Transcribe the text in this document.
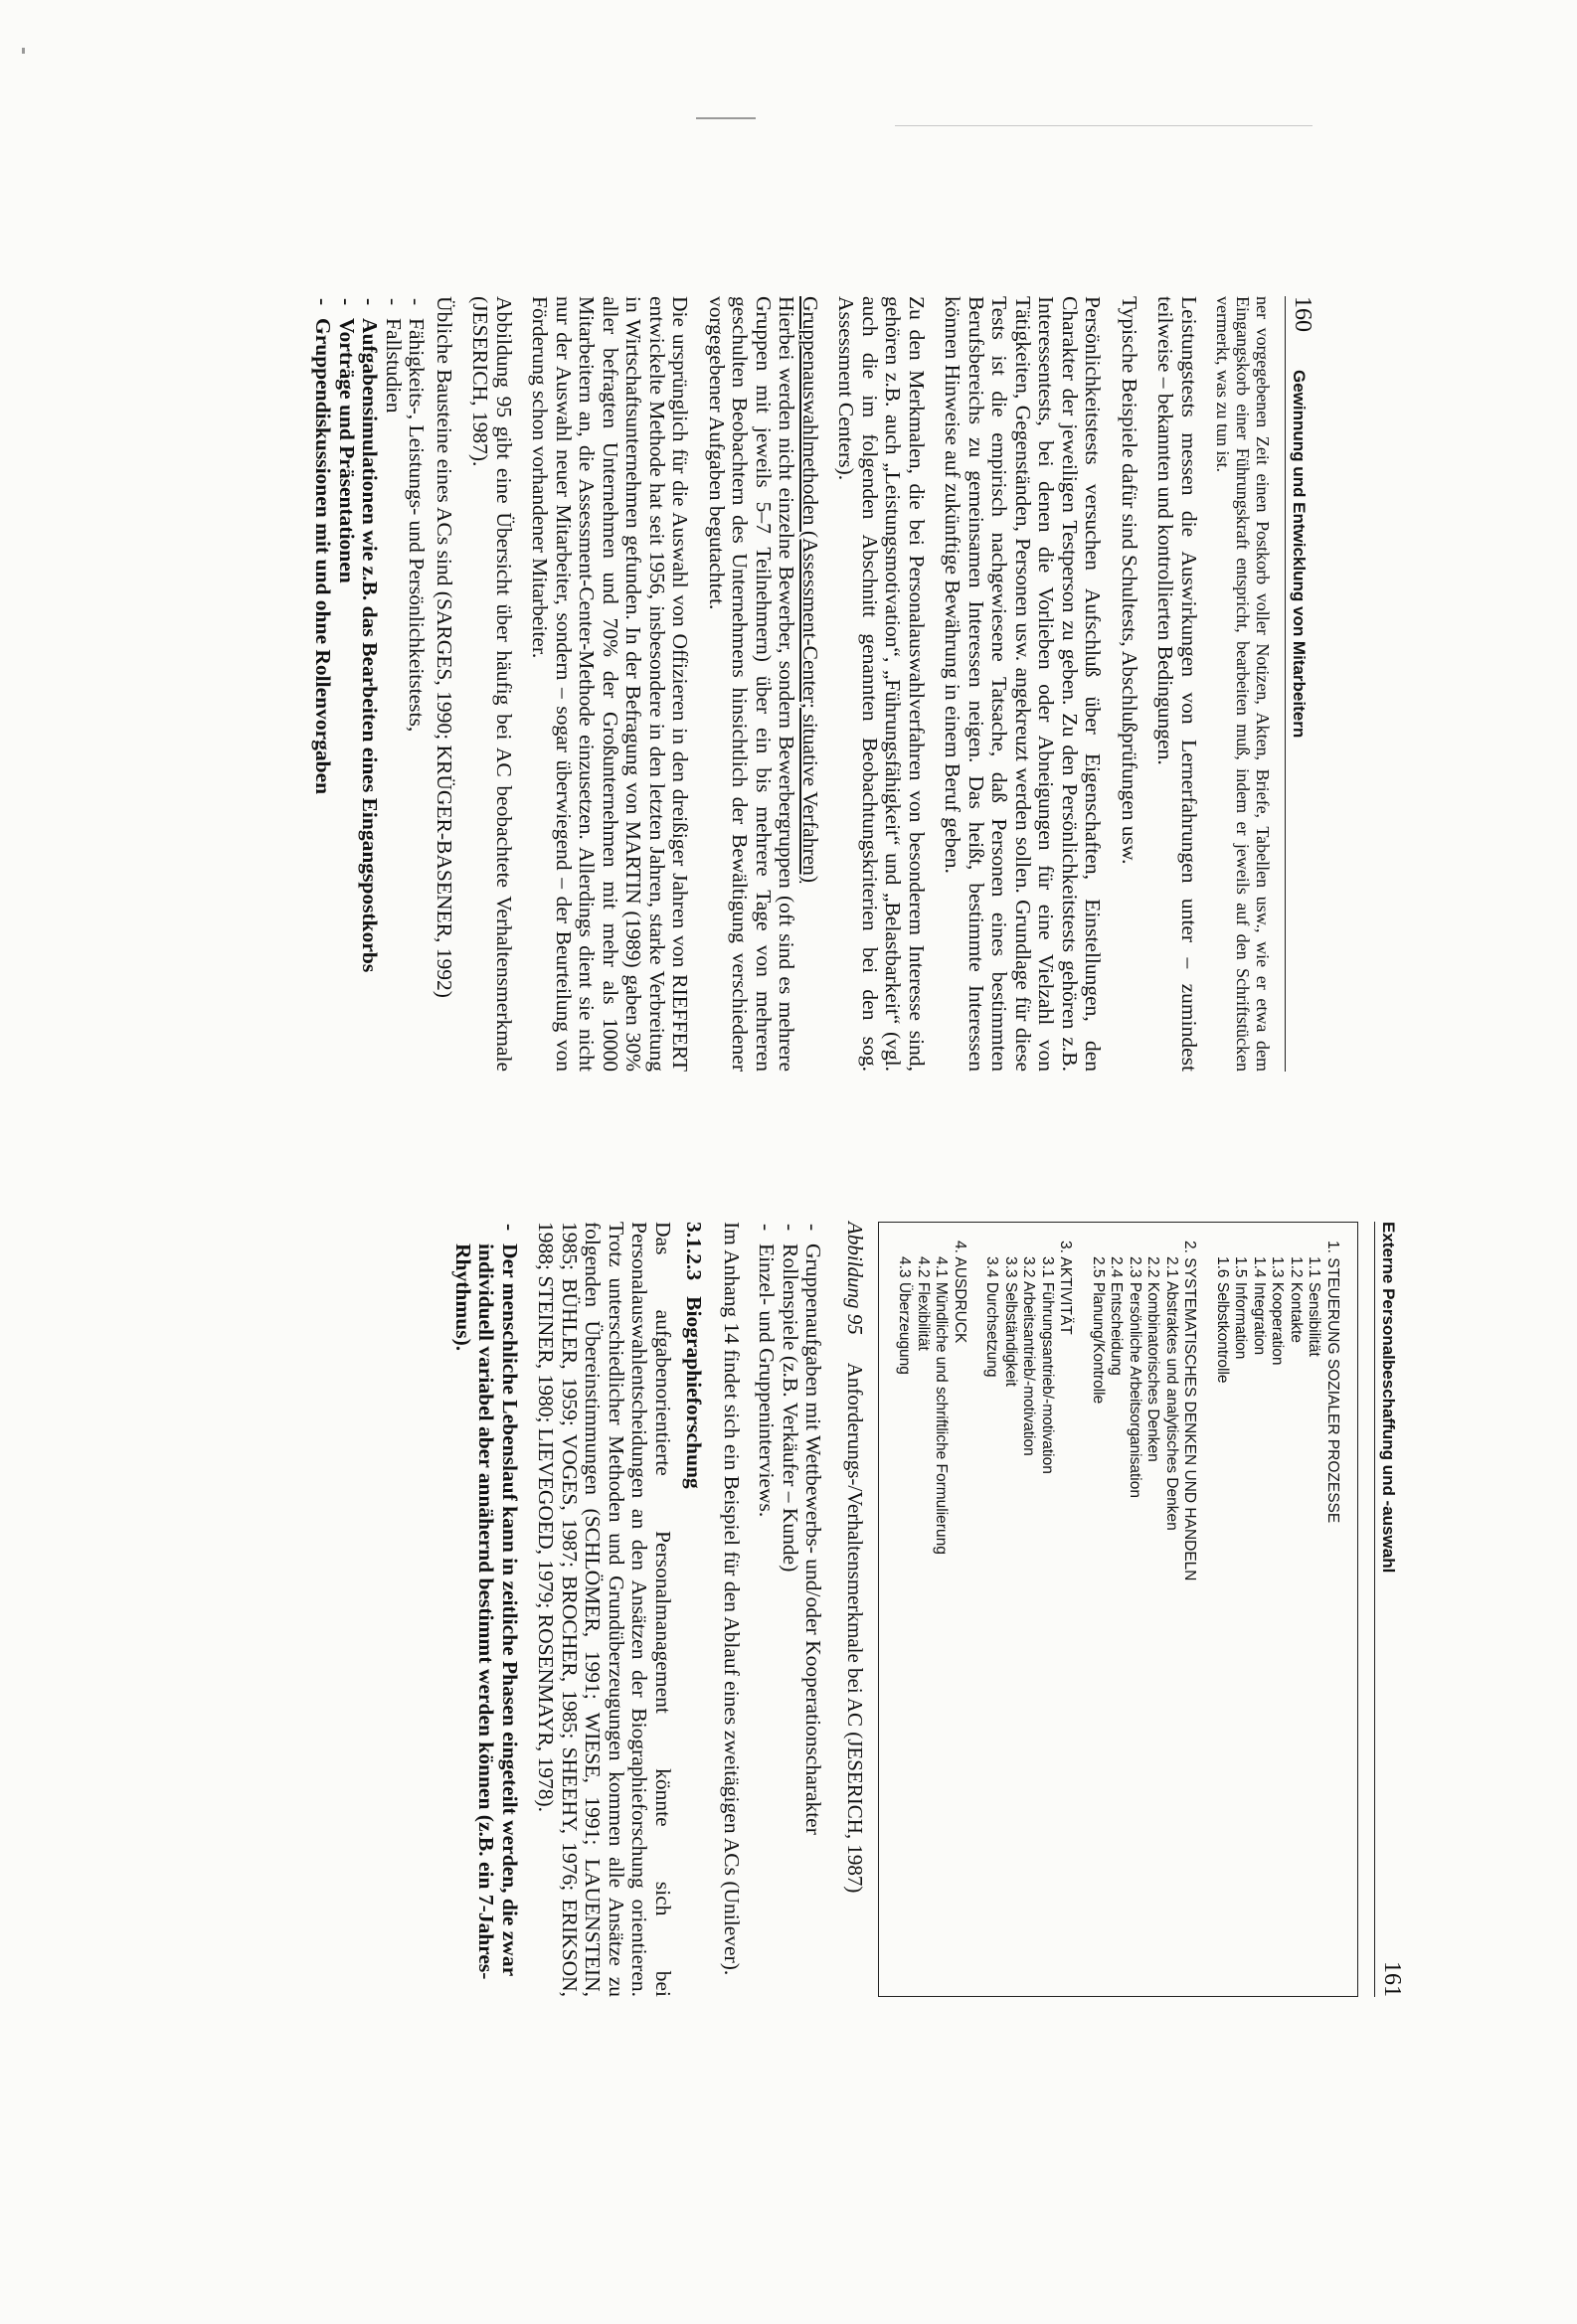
160
Gewinnung und Entwicklung von Mitarbeitern

ner vorgegebenen Zeit einen Postkorb voller Notizen, Akten, Briefe, Tabellen usw., wie er etwa dem Eingangskorb einer Führungskraft entspricht, bearbeiten muß, indem er jeweils auf den Schriftstücken vermerkt, was zu tun ist.

Leistungstests messen die Auswirkungen von Lernerfahrungen unter – zumindest teilweise – bekannten und kontrollierten Bedingungen.

Typische Beispiele dafür sind Schultests, Abschlußprüfungen usw.

Persönlichkeitstests versuchen Aufschluß über Eigenschaften, Einstellungen, den Charakter der jeweiligen Testperson zu geben. Zu den Persönlichkeitstests gehören z.B. Interessentests, bei denen die Vorlieben oder Abneigungen für eine Vielzahl von Tätigkeiten, Gegenständen, Personen usw. angekreuzt werden sollen. Grundlage für diese Tests ist die empirisch nachgewiesene Tatsache, daß Personen eines bestimmten Berufsbereichs zu gemeinsamen Interessen neigen. Das heißt, bestimmte Interessen können Hinweise auf zukünftige Bewährung in einem Beruf geben.

Zu den Merkmalen, die bei Personalauswahlverfahren von besonderem Interesse sind, gehören z.B. auch „Leistungsmotivation“, „Führungsfähigkeit“ und „Belastbarkeit“ (vgl. auch die im folgenden Abschnitt genannten Beobachtungskriterien bei den sog. Assessment Centers).

Gruppenauswahlmethoden (Assessment-Center; situative Verfahren)

Hierbei werden nicht einzelne Bewerber, sondern Bewerbergruppen (oft sind es mehrere Gruppen mit jeweils 5–7 Teilnehmern) über ein bis mehrere Tage von mehreren geschulten Beobachtern des Unternehmens hinsichtlich der Bewältigung verschiedener vorgegebener Aufgaben begutachtet.

Die ursprünglich für die Auswahl von Offizieren in den dreißiger Jahren von RIEFFERT entwickelte Methode hat seit 1956, insbesondere in den letzten Jahren, starke Verbreitung in Wirtschaftsunternehmen gefunden. In der Befragung von MARTIN (1989) gaben 30% aller befragten Unternehmen und 70% der Großunternehmen mit mehr als 10000 Mitarbeitern an, die Assessment-Center-Methode einzusetzen. Allerdings dient sie nicht nur der Auswahl neuer Mitarbeiter, sondern – sogar überwiegend – der Beurteilung von Förderung schon vorhandener Mitarbeiter.

Abbildung 95 gibt eine Übersicht über häufig bei AC beobachtete Verhaltensmerkmale (JESERICH, 1987).

Übliche Bausteine eines ACs sind (SARGES, 1990; KRÜGER-BASENER, 1992)

- Fähigkeits-, Leistungs- und Persönlichkeitstests,
- Fallstudien
- Aufgabensimulationen wie z.B. das Bearbeiten eines Eingangspostkorbs
- Vorträge und Präsentationen
- Gruppendiskussionen mit und ohne Rollenvorgaben
Externe Personalbeschaffung und -auswahl
161
1. STEUERUNG SOZIALER PROZESSE
1.1 Sensibilität
1.2 Kontakte
1.3 Kooperation
1.4 Integration
1.5 Information
1.6 Selbstkontrolle
2. SYSTEMATISCHES DENKEN UND HANDELN
2.1 Abstraktes und analytisches Denken
2.2 Kombinatorisches Denken
2.3 Persönliche Arbeitsorganisation
2.4 Entscheidung
2.5 Planung/Kontrolle
3. AKTIVITÄT
3.1 Führungsantrieb/-motivation
3.2 Arbeitsantrieb/-motivation
3.3 Selbständigkeit
3.4 Durchsetzung
4. AUSDRUCK
4.1 Mündliche und schriftliche Formulierung
4.2 Flexibilität
4.3 Überzeugung
Abbildung 95Anforderungs-/Verhaltensmerkmale bei AC (JESERICH, 1987)
- Gruppenaufgaben mit Wettbewerbs- und/oder Kooperationscharakter
- Rollenspiele (z.B. Verkäufer – Kunde)
- Einzel- und Gruppeninterviews.

Im Anhang 14 findet sich ein Beispiel für den Ablauf eines zweitägigen ACs (Unilever).

3.1.2.3Biographieforschung

Das aufgabenorientierte Personalmanagement könnte sich bei Personalauswahlentscheidungen an den Ansätzen der Biographieforschung orientieren. Trotz unterschiedlicher Methoden und Grundüberzeugungen kommen alle Ansätze zu folgenden Übereinstimmungen (SCHLÖMER, 1991; WIESE, 1991; LAUENSTEIN, 1985; BÜHLER, 1959; VOGES, 1987; BROCHER, 1985; SHEEHY, 1976; ERIKSON, 1988; STEINER, 1980; LIEVEGOED, 1979; ROSENMAYR, 1978).

- Der menschliche Lebenslauf kann in zeitliche Phasen eingeteilt werden, die zwar individuell variabel aber annähernd bestimmt werden können (z.B. ein 7-Jahres-Rhythmus).
